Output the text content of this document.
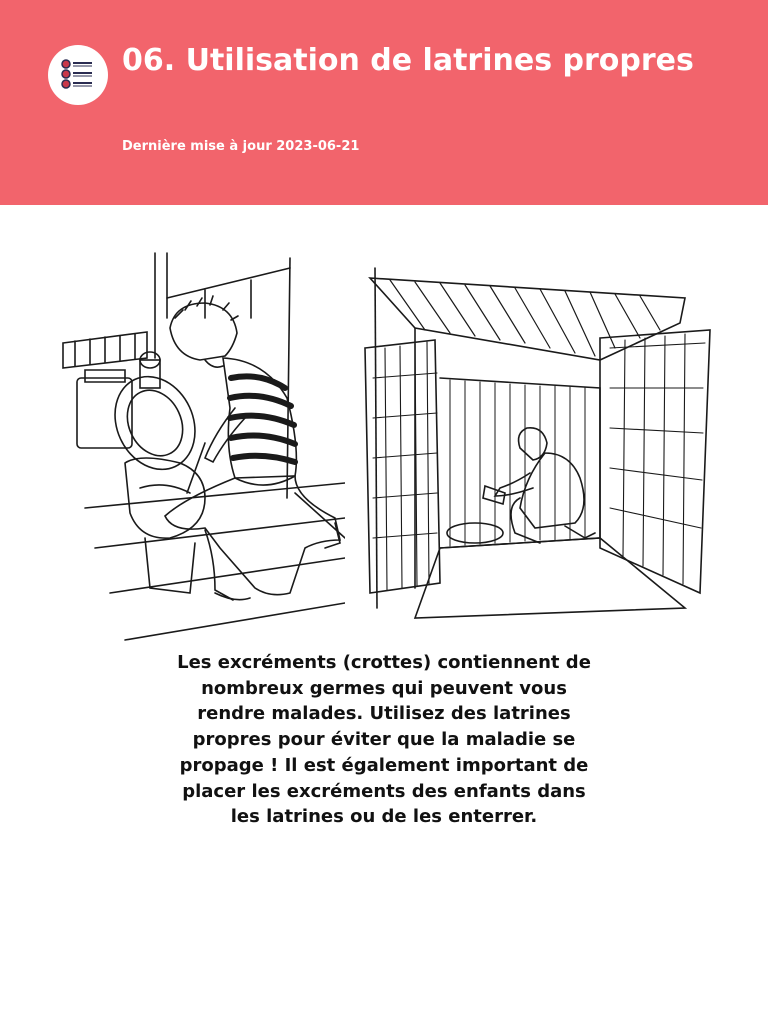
06. Utilisation de latrines propres
Dernière mise à jour 2023-06-21

Les excréments (crottes) contiennent de nombreux germes qui peuvent vous rendre malades. Utilisez des latrines propres pour éviter que la maladie se propage ! Il est également important de placer les excréments des enfants dans les latrines ou de les enterrer.
